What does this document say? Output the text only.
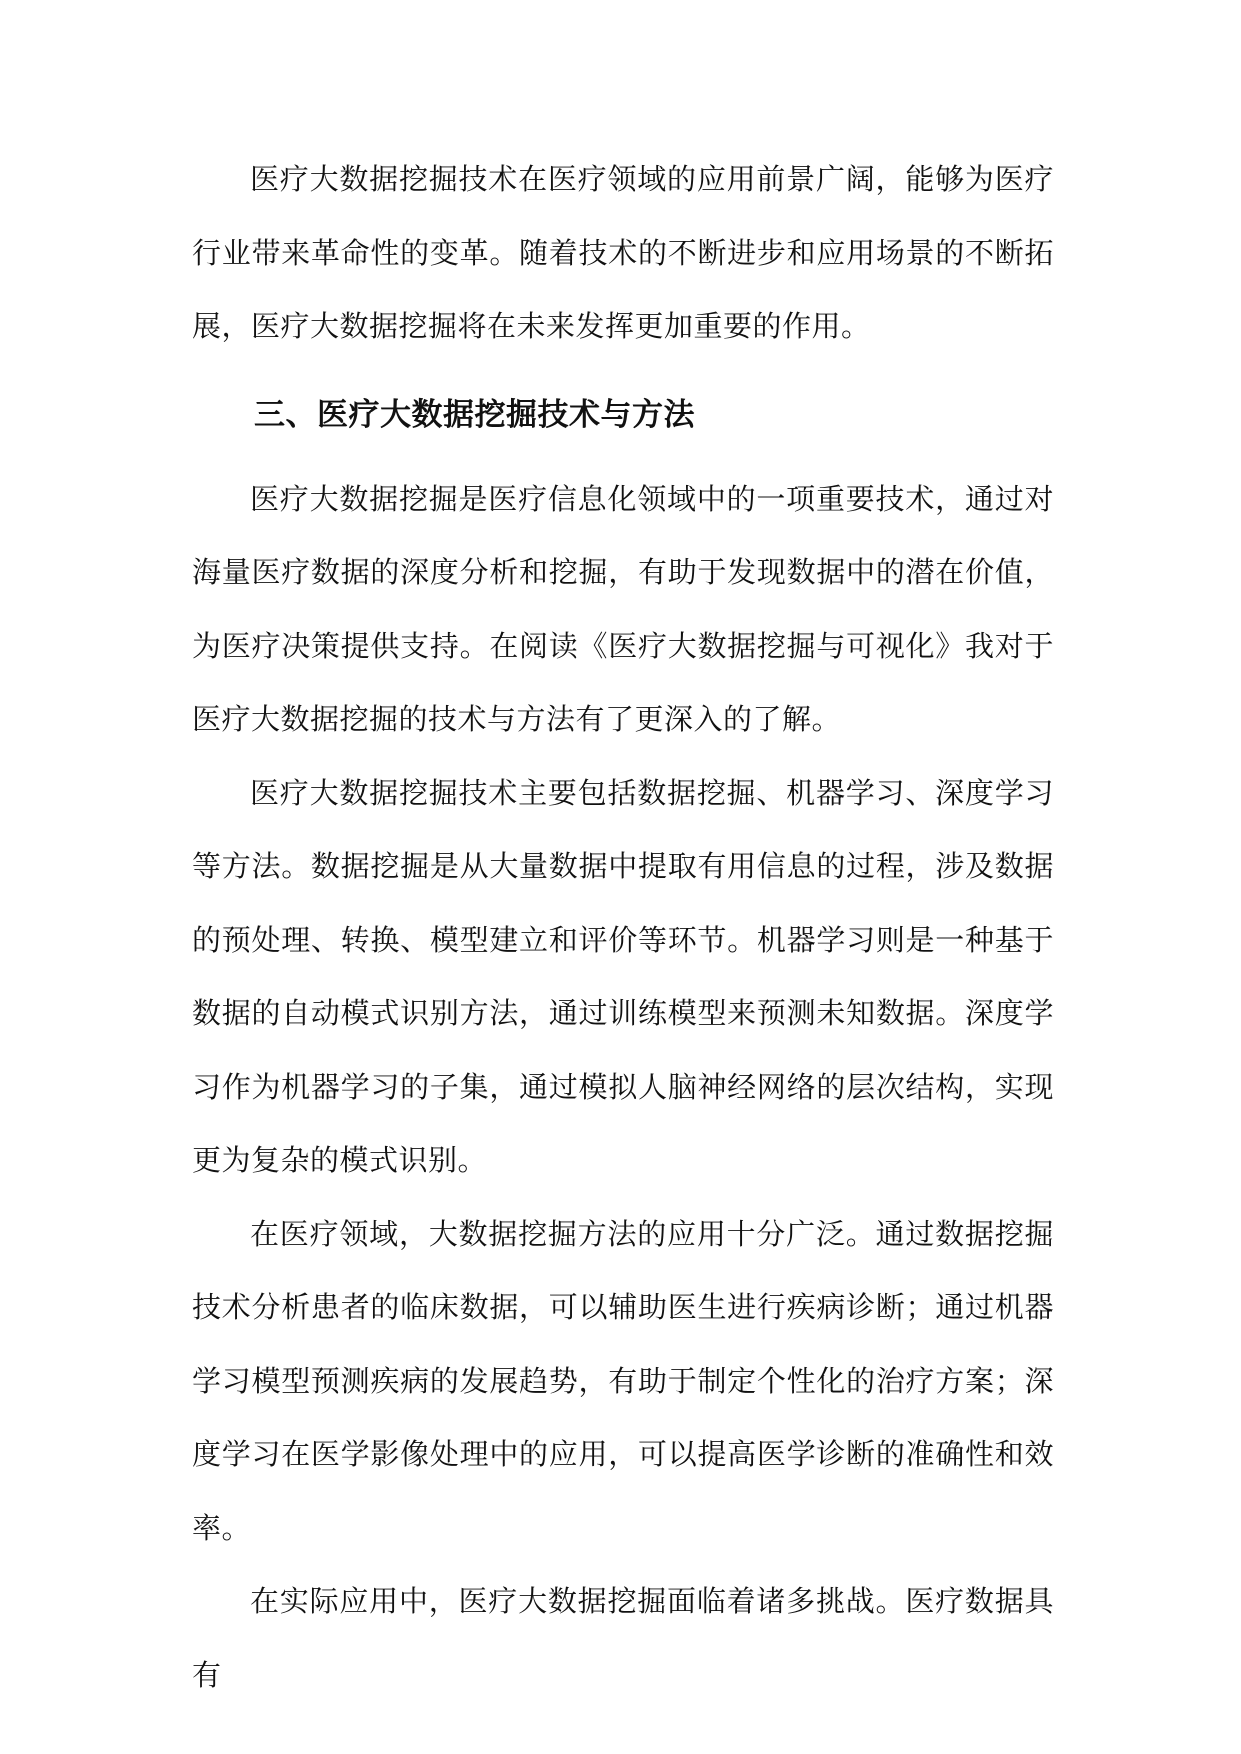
医疗大数据挖掘技术在医疗领域的应用前景广阔，能够为医疗行业带来革命性的变革。随着技术的不断进步和应用场景的不断拓展，医疗大数据挖掘将在未来发挥更加重要的作用。

三、医疗大数据挖掘技术与方法

医疗大数据挖掘是医疗信息化领域中的一项重要技术，通过对海量医疗数据的深度分析和挖掘，有助于发现数据中的潜在价值，为医疗决策提供支持。在阅读《医疗大数据挖掘与可视化》我对于医疗大数据挖掘的技术与方法有了更深入的了解。

医疗大数据挖掘技术主要包括数据挖掘、机器学习、深度学习等方法。数据挖掘是从大量数据中提取有用信息的过程，涉及数据的预处理、转换、模型建立和评价等环节。机器学习则是一种基于数据的自动模式识别方法，通过训练模型来预测未知数据。深度学习作为机器学习的子集，通过模拟人脑神经网络的层次结构，实现更为复杂的模式识别。

在医疗领域，大数据挖掘方法的应用十分广泛。通过数据挖掘技术分析患者的临床数据，可以辅助医生进行疾病诊断；通过机器学习模型预测疾病的发展趋势，有助于制定个性化的治疗方案；深度学习在医学影像处理中的应用，可以提高医学诊断的准确性和效率。

在实际应用中，医疗大数据挖掘面临着诸多挑战。医疗数据具有
